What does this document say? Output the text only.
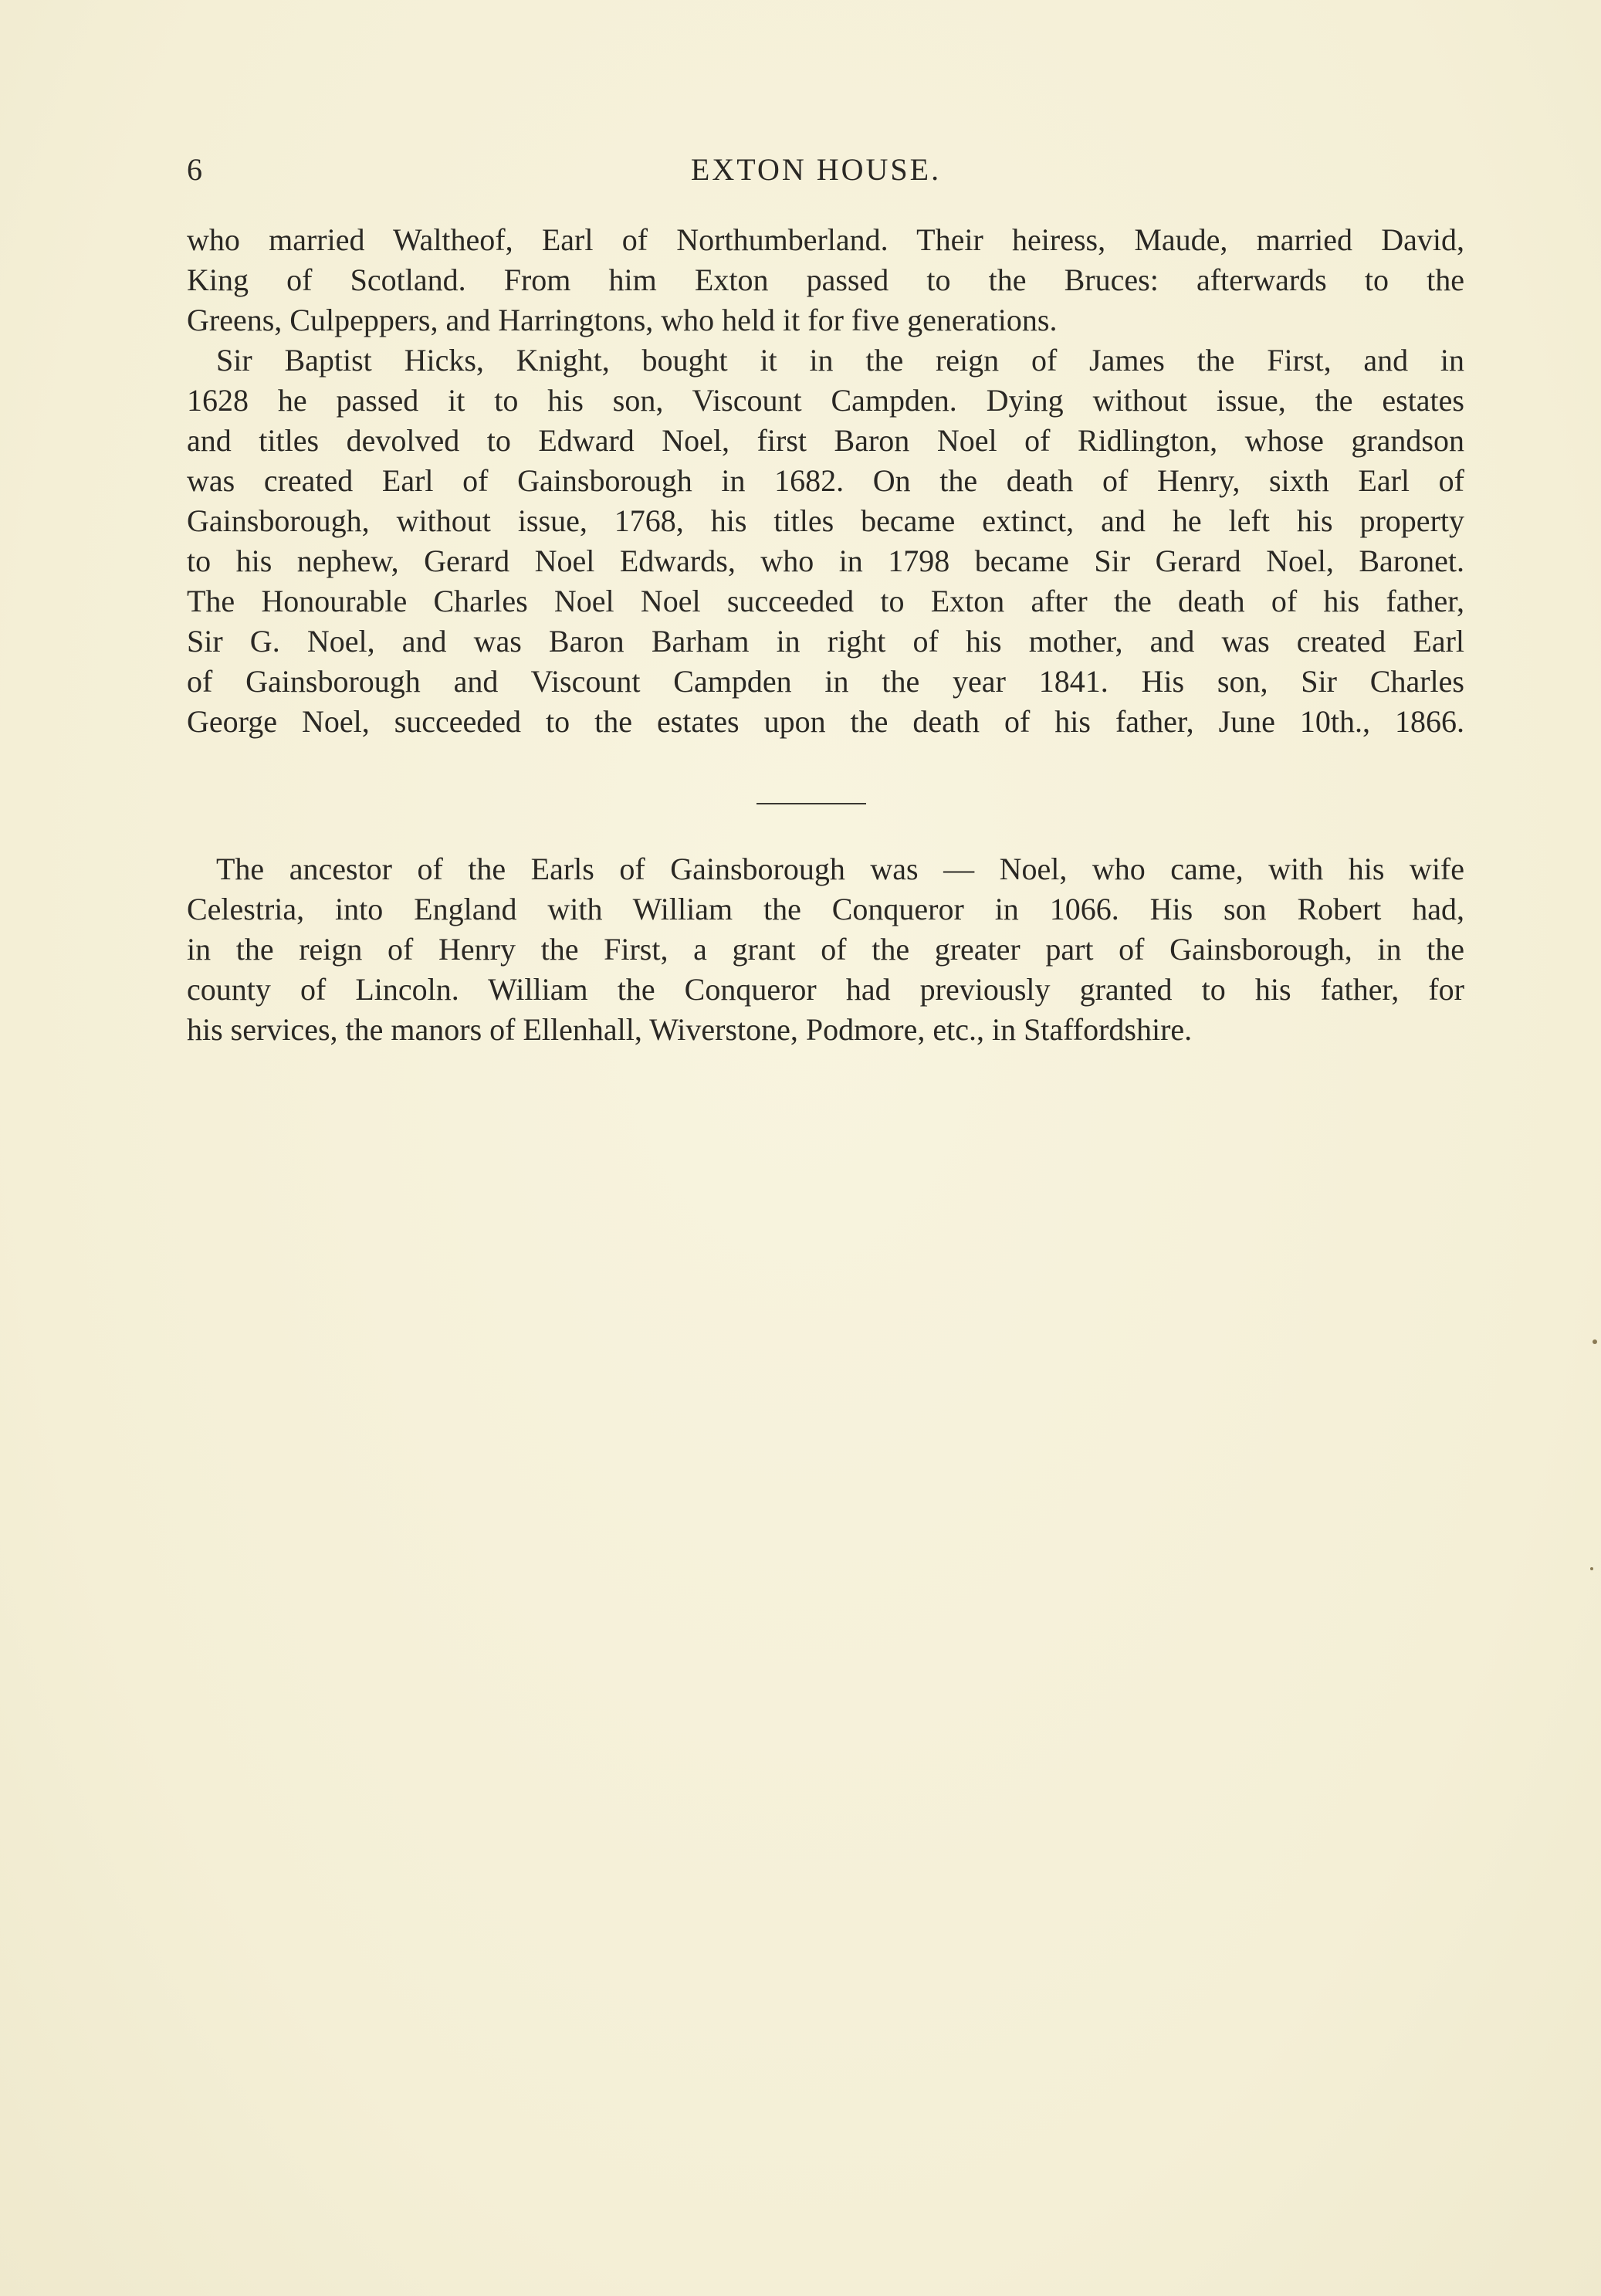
6	EXTON HOUSE.
who married Waltheof, Earl of Northumberland. Their heiress, Maude, married David,
King of Scotland. From him Exton passed to the Bruces: afterwards to the
Greens, Culpeppers, and Harringtons, who held it for five generations.
Sir Baptist Hicks, Knight, bought it in the reign of James the First, and in
1628 he passed it to his son, Viscount Campden. Dying without issue, the estates
and titles devolved to Edward Noel, first Baron Noel of Ridlington, whose grandson
was created Earl of Gainsborough in 1682. On the death of Henry, sixth Earl of
Gainsborough, without issue, 1768, his titles became extinct, and he left his property
to his nephew, Gerard Noel Edwards, who in 1798 became Sir Gerard Noel, Baronet.
The Honourable Charles Noel Noel succeeded to Exton after the death of his father,
Sir G. Noel, and was Baron Barham in right of his mother, and was created Earl
of Gainsborough and Viscount Campden in the year 1841. His son, Sir Charles
George Noel, succeeded to the estates upon the death of his father, June 10th., 1866.
The ancestor of the Earls of Gainsborough was — Noel, who came, with his wife
Celestria, into England with William the Conqueror in 1066. His son Robert had,
in the reign of Henry the First, a grant of the greater part of Gainsborough, in the
county of Lincoln. William the Conqueror had previously granted to his father, for
his services, the manors of Ellenhall, Wiverstone, Podmore, etc., in Staffordshire.
